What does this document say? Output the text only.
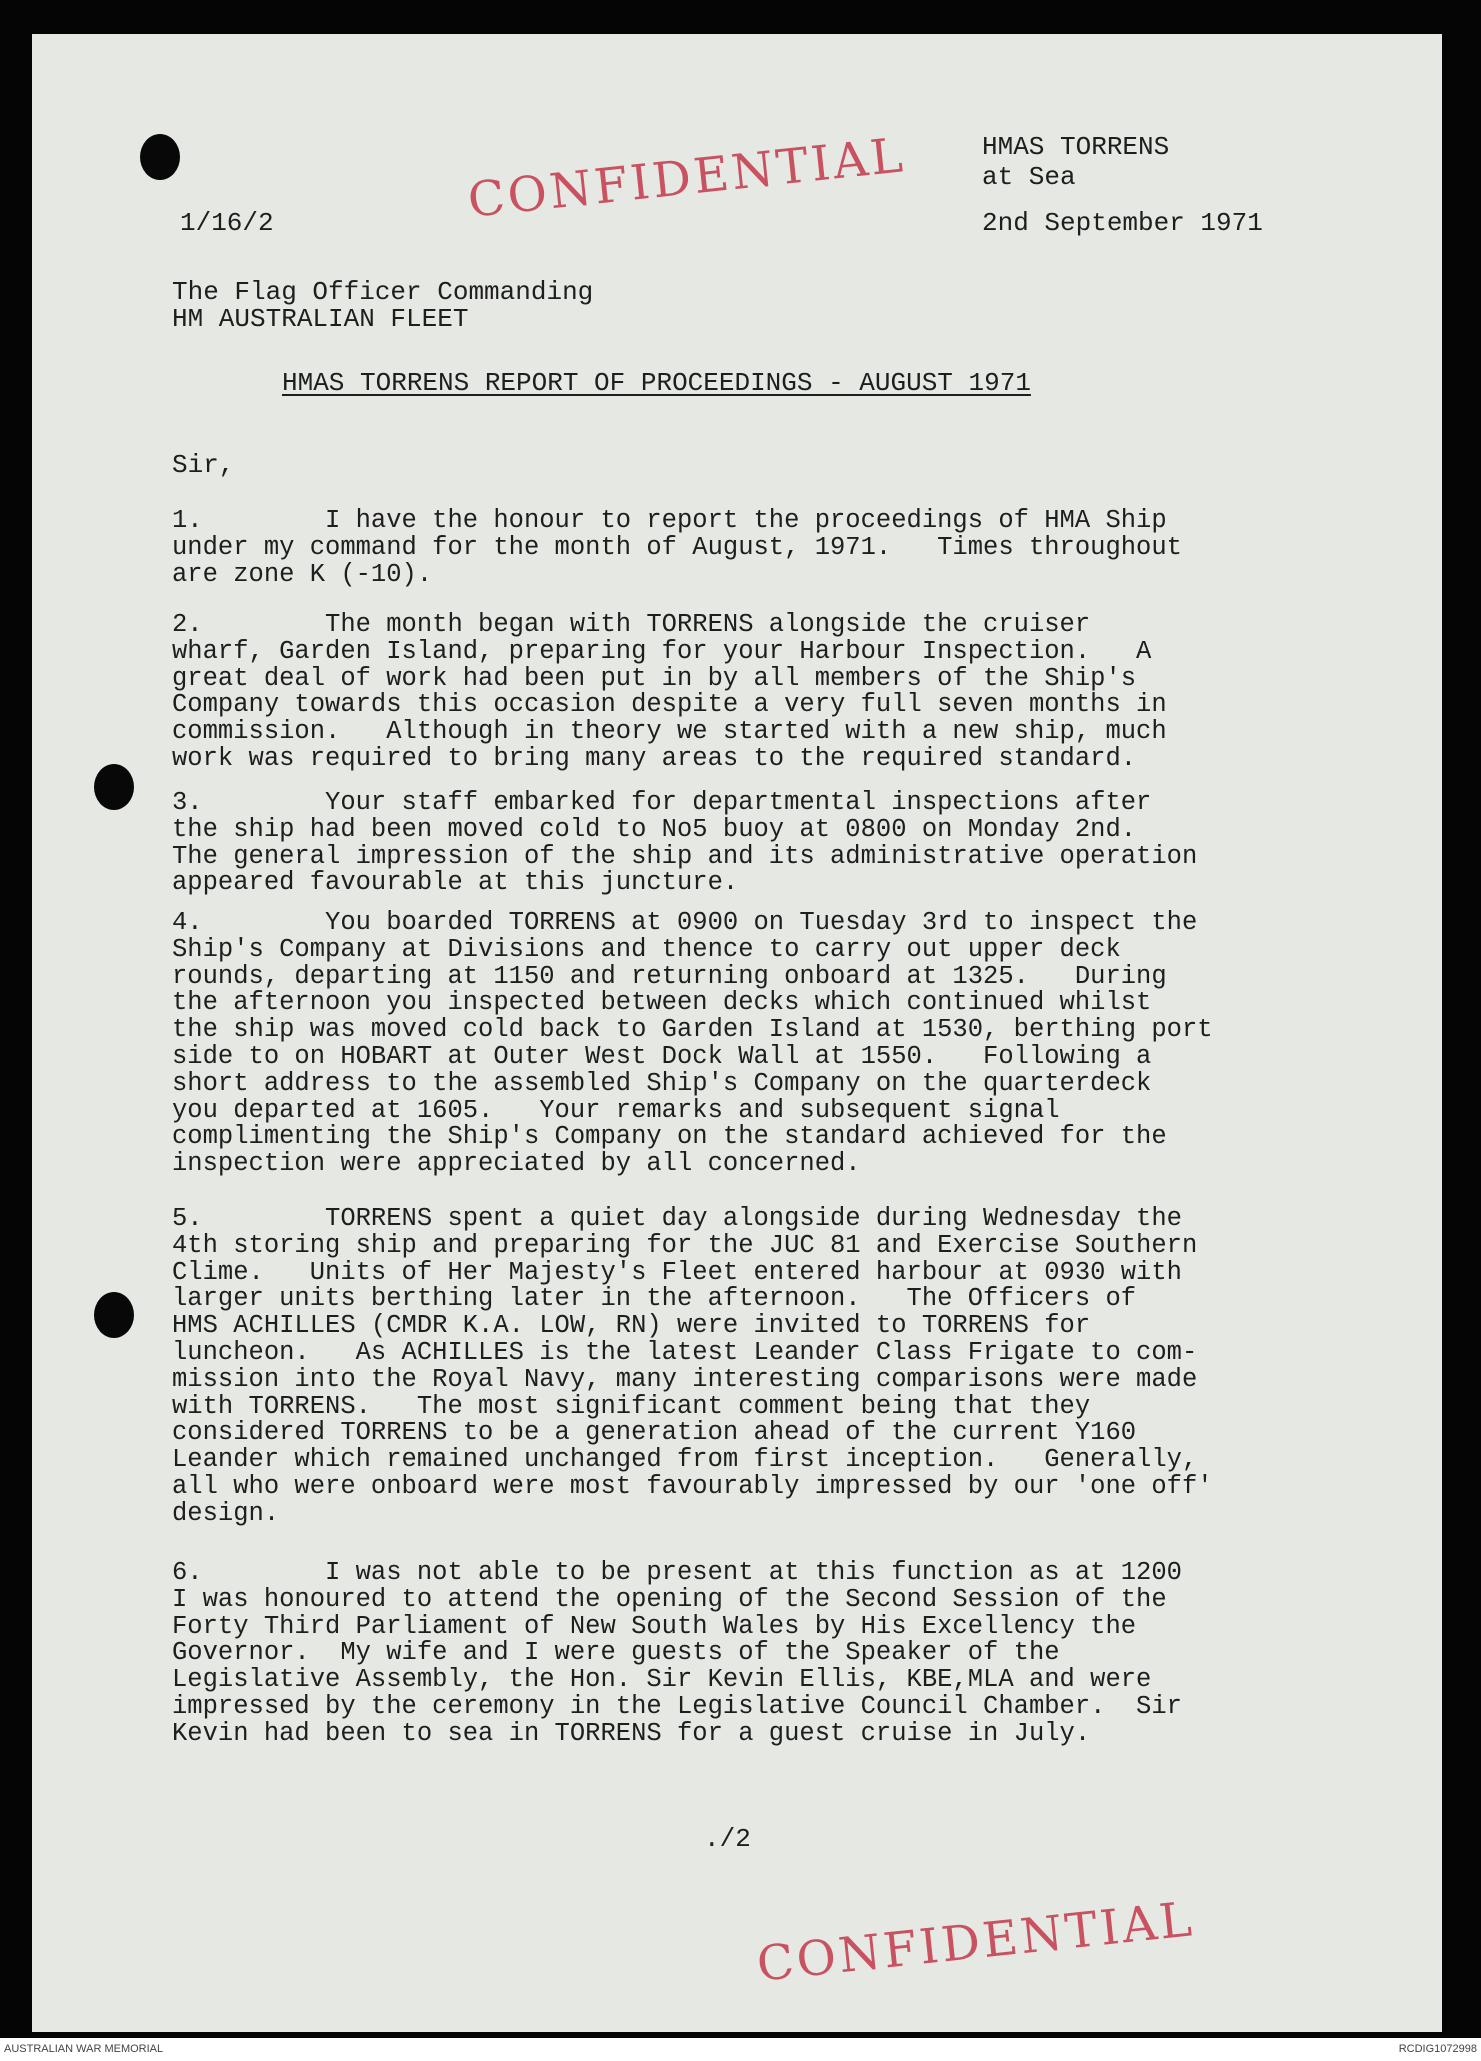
CONFIDENTIAL	HMAS TORRENS
at Sea
2nd September 1971
1/16/2
The Flag Officer Commanding
HM AUSTRALIAN FLEET
HMAS TORRENS REPORT OF PROCEEDINGS - AUGUST 1971
Sir,
1.        I have the honour to report the proceedings of HMA Ship
under my command for the month of August, 1971.   Times throughout
are zone K (-10).
2.        The month began with TORRENS alongside the cruiser
wharf, Garden Island, preparing for your Harbour Inspection.   A
great deal of work had been put in by all members of the Ship's
Company towards this occasion despite a very full seven months in
commission.   Although in theory we started with a new ship, much
work was required to bring many areas to the required standard.
3.        Your staff embarked for departmental inspections after
the ship had been moved cold to No5 buoy at 0800 on Monday 2nd.
The general impression of the ship and its administrative operation
appeared favourable at this juncture.
4.        You boarded TORRENS at 0900 on Tuesday 3rd to inspect the
Ship's Company at Divisions and thence to carry out upper deck
rounds, departing at 1150 and returning onboard at 1325.   During
the afternoon you inspected between decks which continued whilst
the ship was moved cold back to Garden Island at 1530, berthing port
side to on HOBART at Outer West Dock Wall at 1550.   Following a
short address to the assembled Ship's Company on the quarterdeck
you departed at 1605.   Your remarks and subsequent signal
complimenting the Ship's Company on the standard achieved for the
inspection were appreciated by all concerned.
5.        TORRENS spent a quiet day alongside during Wednesday the
4th storing ship and preparing for the JUC 81 and Exercise Southern
Clime.   Units of Her Majesty's Fleet entered harbour at 0930 with
larger units berthing later in the afternoon.   The Officers of
HMS ACHILLES (CMDR K.A. LOW, RN) were invited to TORRENS for
luncheon.   As ACHILLES is the latest Leander Class Frigate to com-
mission into the Royal Navy, many interesting comparisons were made
with TORRENS.   The most significant comment being that they
considered TORRENS to be a generation ahead of the current Y160
Leander which remained unchanged from first inception.   Generally,
all who were onboard were most favourably impressed by our 'one off'
design.
6.        I was not able to be present at this function as at 1200
I was honoured to attend the opening of the Second Session of the
Forty Third Parliament of New South Wales by His Excellency the
Governor.  My wife and I were guests of the Speaker of the
Legislative Assembly, the Hon. Sir Kevin Ellis, KBE,MLA and were
impressed by the ceremony in the Legislative Council Chamber.  Sir
Kevin had been to sea in TORRENS for a guest cruise in July.
./2
CONFIDENTIAL
AUSTRALIAN WAR MEMORIAL	RCDIG1072998
